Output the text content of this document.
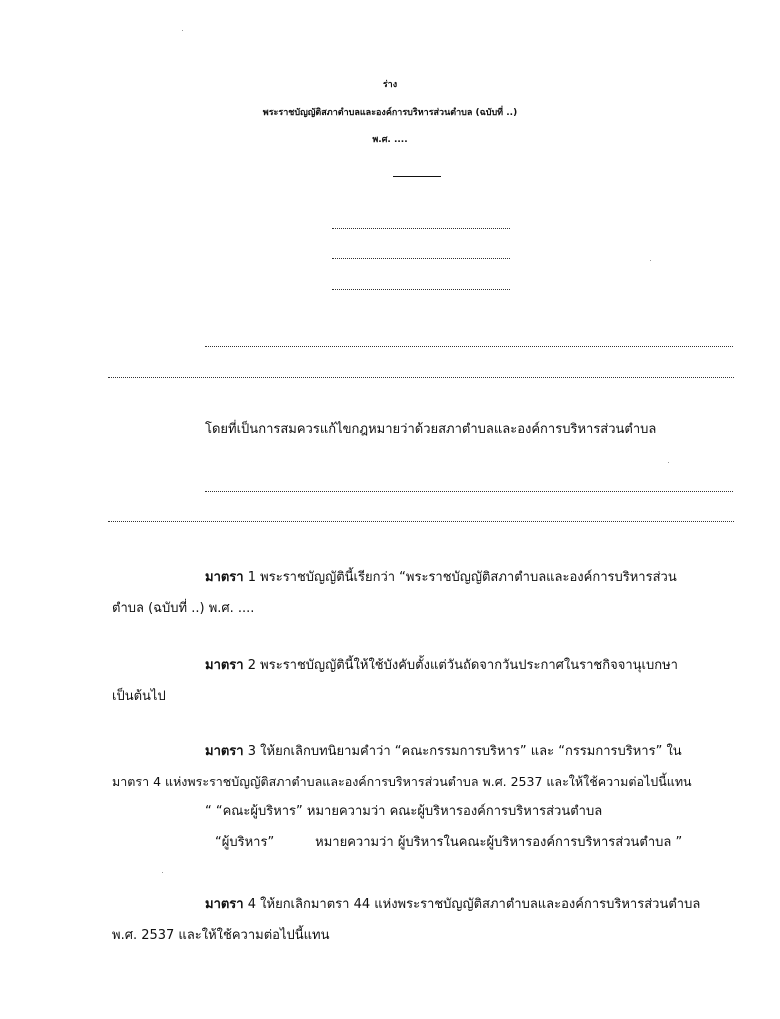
ร่าง
พระราชบัญญัติสภาตำบลและองค์การบริหารส่วนตำบล (ฉบับที่ ..)
พ.ศ. ....
โดยที่เป็นการสมควรแก้ไขกฎหมายว่าด้วยสภาตำบลและองค์การบริหารส่วนตำบล
มาตรา 1 พระราชบัญญัตินี้เรียกว่า “พระราชบัญญัติสภาตำบลและองค์การบริหารส่วน
ตำบล (ฉบับที่ ..) พ.ศ. ....
มาตรา 2 พระราชบัญญัตินี้ให้ใช้บังคับตั้งแต่วันถัดจากวันประกาศในราชกิจจานุเบกษา
เป็นต้นไป
มาตรา 3 ให้ยกเลิกบทนิยามคำว่า “คณะกรรมการบริหาร” และ “กรรมการบริหาร” ใน
มาตรา 4 แห่งพระราชบัญญัติสภาตำบลและองค์การบริหารส่วนตำบล พ.ศ. 2537 และให้ใช้ความต่อไปนี้แทน
“ “คณะผู้บริหาร” หมายความว่า คณะผู้บริหารองค์การบริหารส่วนตำบล
“ผู้บริหาร”	หมายความว่า ผู้บริหารในคณะผู้บริหารองค์การบริหารส่วนตำบล ”
มาตรา 4 ให้ยกเลิกมาตรา 44 แห่งพระราชบัญญัติสภาตำบลและองค์การบริหารส่วนตำบล
พ.ศ. 2537 และให้ใช้ความต่อไปนี้แทน
